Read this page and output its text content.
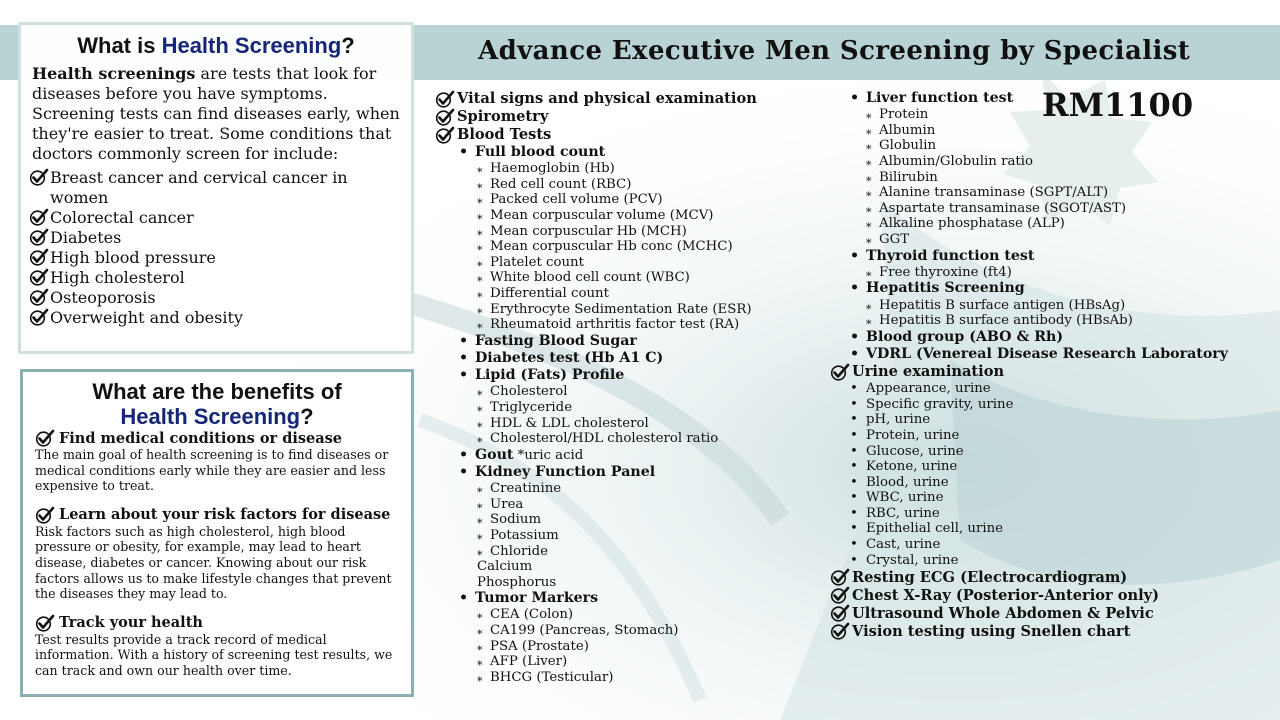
Advance Executive Men Screening by Specialist
RM1100
What is Health Screening?
Health screenings are tests that look for diseases before you have symptoms. Screening tests can find diseases early, when they're easier to treat. Some conditions that doctors commonly screen for include:
Breast cancer and cervical cancer in women
Colorectal cancer
Diabetes
High blood pressure
High cholesterol
Osteoporosis
Overweight and obesity
What are the benefits of
Health Screening?
Find medical conditions or disease
The main goal of health screening is to find diseases or medical conditions early while they are easier and less expensive to treat.
Learn about your risk factors for disease
Risk factors such as high cholesterol, high blood pressure or obesity, for example, may lead to heart disease, diabetes or cancer. Knowing about our risk factors allows us to make lifestyle changes that prevent the diseases they may lead to.
Track your health
Test results provide a track record of medical information. With a history of screening test results, we can track and own our health over time.
Vital signs and physical examination
Spirometry
Blood Tests
• Full blood count
⁎ Haemoglobin (Hb)
⁎ Red cell count (RBC)
⁎ Packed cell volume (PCV)
⁎ Mean corpuscular volume (MCV)
⁎ Mean corpuscular Hb (MCH)
⁎ Mean corpuscular Hb conc (MCHC)
⁎ Platelet count
⁎ White blood cell count (WBC)
⁎ Differential count
⁎ Erythrocyte Sedimentation Rate (ESR)
⁎ Rheumatoid arthritis factor test (RA)
• Fasting Blood Sugar
• Diabetes test (Hb A1 C)
• Lipid (Fats) Profile
⁎ Cholesterol
⁎ Triglyceride
⁎ HDL & LDL cholesterol
⁎ Cholesterol/HDL cholesterol ratio
• Gout *uric acid
• Kidney Function Panel
⁎ Creatinine
⁎ Urea
⁎ Sodium
⁎ Potassium
⁎ Chloride
Calcium
Phosphorus
• Tumor Markers
⁎ CEA (Colon)
⁎ CA199 (Pancreas, Stomach)
⁎ PSA (Prostate)
⁎ AFP (Liver)
⁎ BHCG (Testicular)
• Liver function test
⁎ Protein
⁎ Albumin
⁎ Globulin
⁎ Albumin/Globulin ratio
⁎ Bilirubin
⁎ Alanine transaminase (SGPT/ALT)
⁎ Aspartate transaminase (SGOT/AST)
⁎ Alkaline phosphatase (ALP)
⁎ GGT
• Thyroid function test
⁎ Free thyroxine (ft4)
• Hepatitis Screening
⁎ Hepatitis B surface antigen (HBsAg)
⁎ Hepatitis B surface antibody (HBsAb)
• Blood group (ABO & Rh)
• VDRL (Venereal Disease Research Laboratory
Urine examination
• Appearance, urine
• Specific gravity, urine
• pH, urine
• Protein, urine
• Glucose, urine
• Ketone, urine
• Blood, urine
• WBC, urine
• RBC, urine
• Epithelial cell, urine
• Cast, urine
• Crystal, urine
Resting ECG (Electrocardiogram)
Chest X-Ray (Posterior-Anterior only)
Ultrasound Whole Abdomen & Pelvic
Vision testing using Snellen chart
